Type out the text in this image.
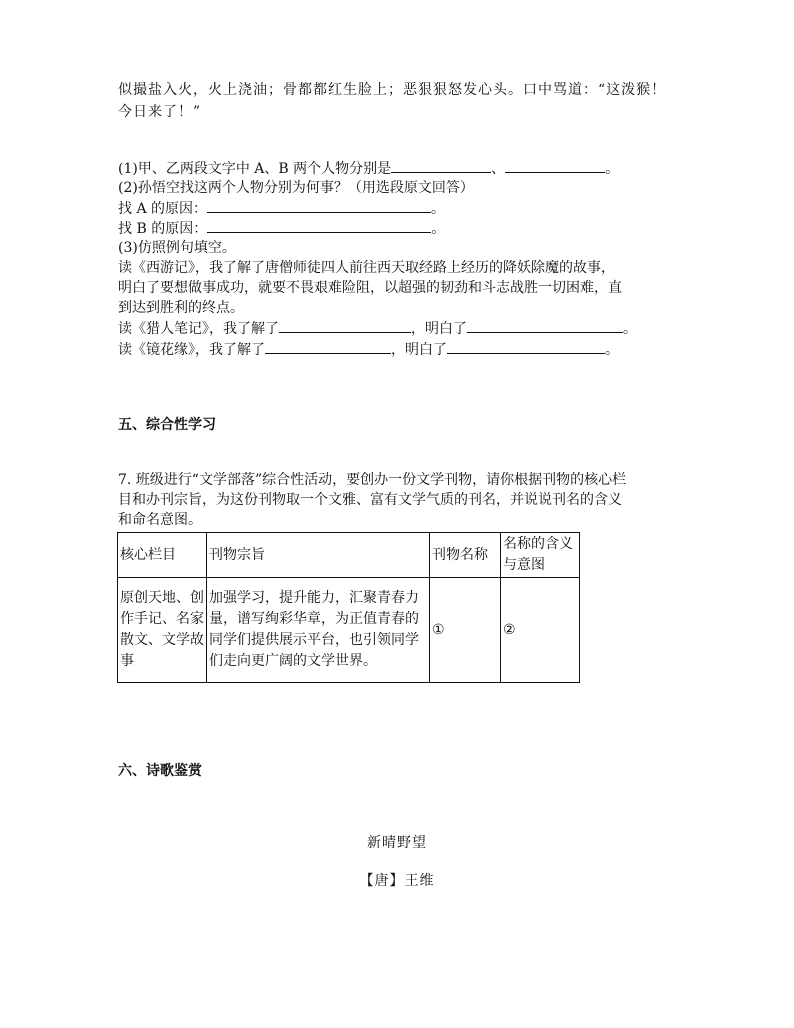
似撮盐入火，火上浇油；骨都都红生脸上；恶狠狠怒发心头。口中骂道：“这泼猴！
今日来了！”
(1)甲、乙两段文字中 A、B 两个人物分别是	、	。
(2)孙悟空找这两个人物分别为何事？（用选段原文回答）
找 A 的原因：	。
找 B 的原因：	。
(3)仿照例句填空。
读《西游记》，我了解了唐僧师徒四人前往西天取经路上经历的降妖除魔的故事，
明白了要想做事成功，就要不畏艰难险阻，以超强的韧劲和斗志战胜一切困难，直
到达到胜利的终点。
读《猎人笔记》，我了解了	，明白了	。
读《镜花缘》，我了解了	，明白了	。
五、综合性学习
7. 班级进行“文学部落”综合性活动，要创办一份文学刊物，请你根据刊物的核心栏
目和办刊宗旨，为这份刊物取一个文雅、富有文学气质的刊名，并说说刊名的含义
和命名意图。
核心栏目	刊物宗旨	刊物名称	名称的含义与意图
原创天地、创作手记、名家散文、文学故事	加强学习，提升能力，汇聚青春力量，谱写绚彩华章，为正值青春的同学们提供展示平台，也引领同学们走向更广阔的文学世界。	①	②
六、诗歌鉴赏
新晴野望
【唐】王维
